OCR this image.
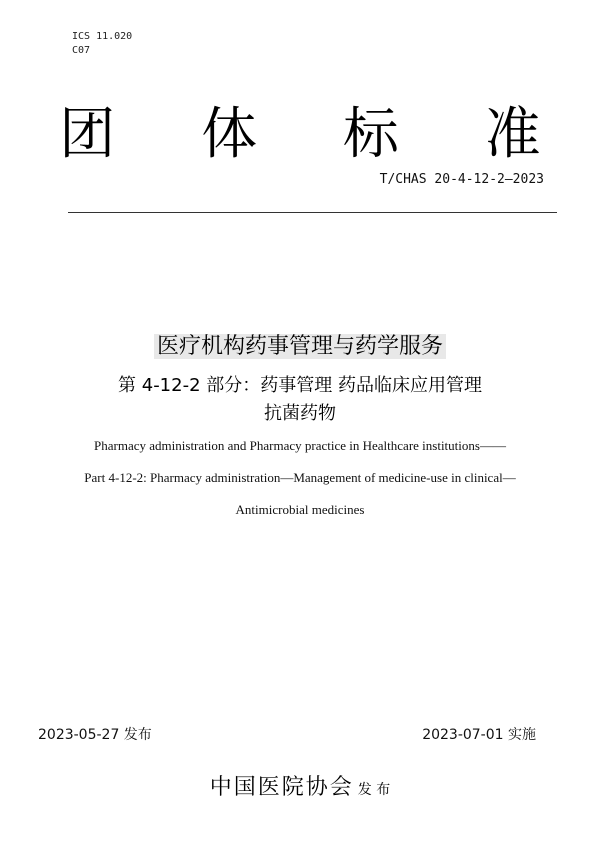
ICS 11.020
C07
团 体 标 准
T/CHAS 20-4-12-2—2023
医疗机构药事管理与药学服务
第 4-12-2 部分：药事管理 药品临床应用管理
抗菌药物
Pharmacy administration and Pharmacy practice in Healthcare institutions——
Part 4-12-2: Pharmacy administration—Management of medicine-use in clinical—
Antimicrobial medicines
2023-05-27 发布	2023-07-01 实施
中国医院协会 发 布
